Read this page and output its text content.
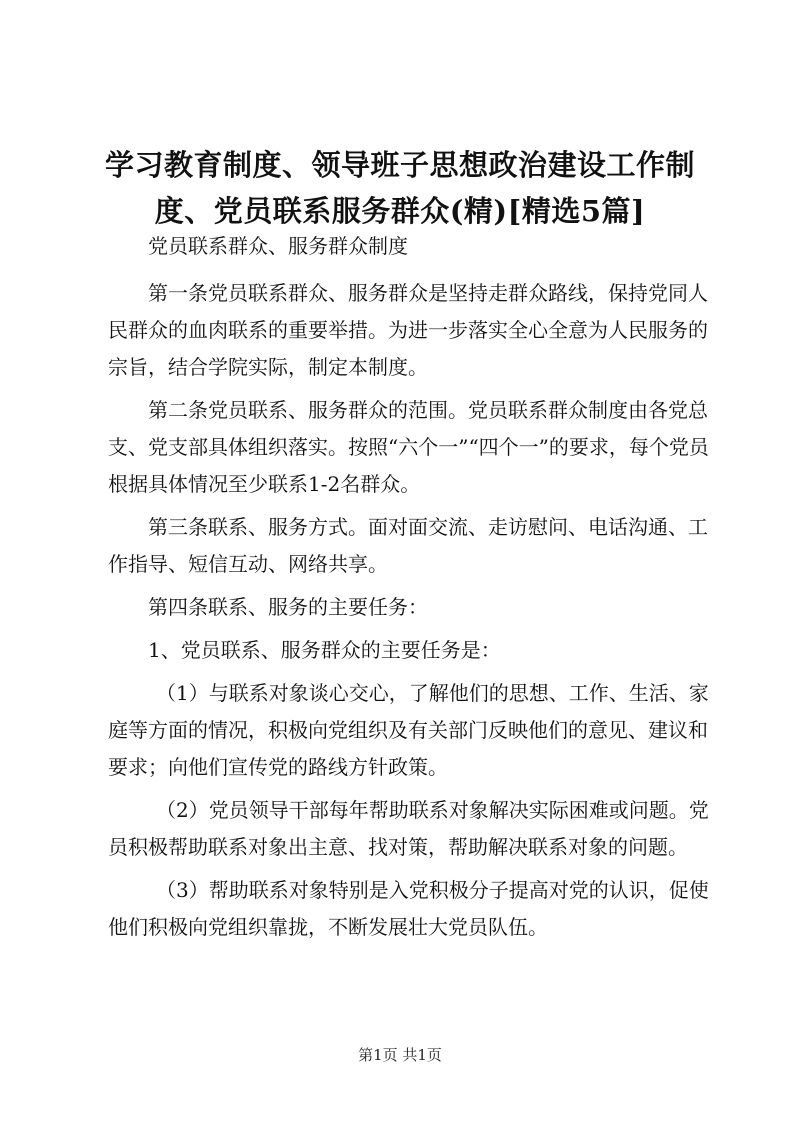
学习教育制度、领导班子思想政治建设工作制度、党员联系服务群众(精)[精选5篇]

党员联系群众、服务群众制度

第一条党员联系群众、服务群众是坚持走群众路线，保持党同人民群众的血肉联系的重要举措。为进一步落实全心全意为人民服务的宗旨，结合学院实际，制定本制度。

第二条党员联系、服务群众的范围。党员联系群众制度由各党总支、党支部具体组织落实。按照“六个一”“四个一”的要求，每个党员根据具体情况至少联系1-2名群众。

第三条联系、服务方式。面对面交流、走访慰问、电话沟通、工作指导、短信互动、网络共享。

第四条联系、服务的主要任务：

1、党员联系、服务群众的主要任务是：

（1）与联系对象谈心交心，了解他们的思想、工作、生活、家庭等方面的情况，积极向党组织及有关部门反映他们的意见、建议和要求；向他们宣传党的路线方针政策。

（2）党员领导干部每年帮助联系对象解决实际困难或问题。党员积极帮助联系对象出主意、找对策，帮助解决联系对象的问题。

（3）帮助联系对象特别是入党积极分子提高对党的认识，促使他们积极向党组织靠拢，不断发展壮大党员队伍。

第1页 共1页
